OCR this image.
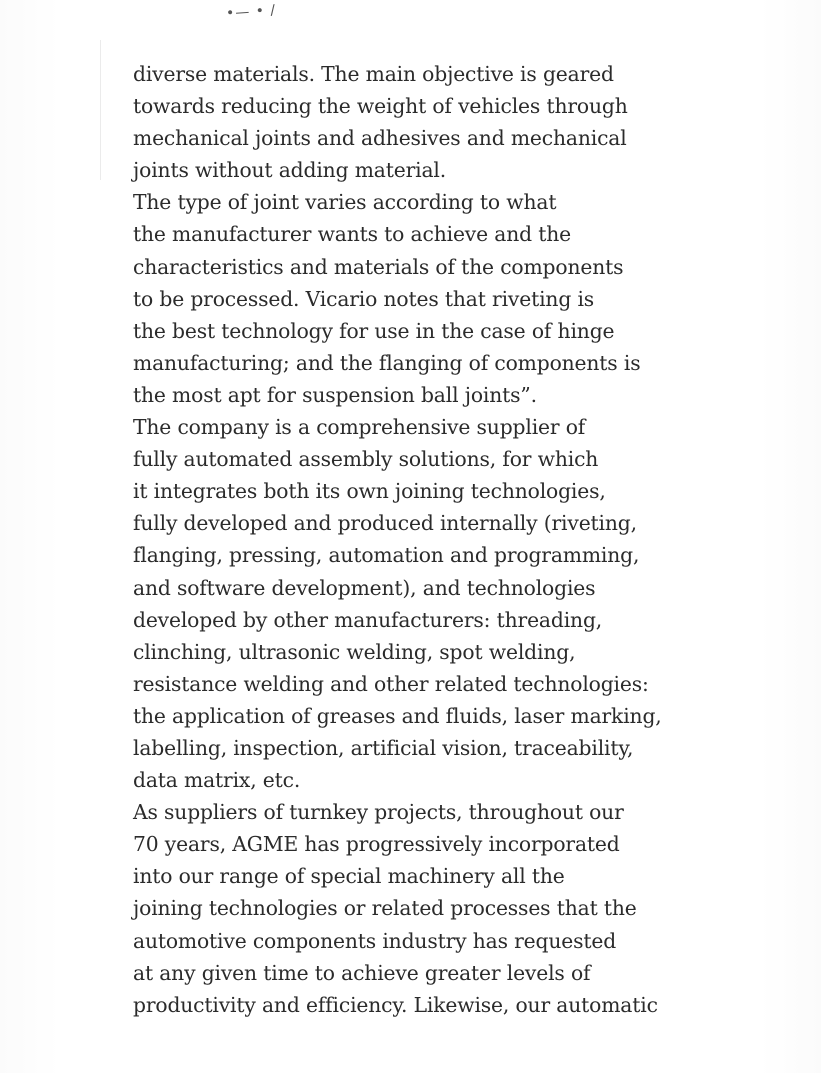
•— • ∕
diverse materials. The main objective is geared
towards reducing the weight of vehicles through
mechanical joints and adhesives and mechanical
joints without adding material.
The type of joint varies according to what
the manufacturer wants to achieve and the
characteristics and materials of the components
to be processed. Vicario notes that riveting is
the best technology for use in the case of hinge
manufacturing; and the flanging of components is
the most apt for suspension ball joints”.
The company is a comprehensive supplier of
fully automated assembly solutions, for which
it integrates both its own joining technologies,
fully developed and produced internally (riveting,
flanging, pressing, automation and programming,
and software development), and technologies
developed by other manufacturers: threading,
clinching, ultrasonic welding, spot welding,
resistance welding and other related technologies:
the application of greases and fluids, laser marking,
labelling, inspection, artificial vision, traceability,
data matrix, etc.
As suppliers of turnkey projects, throughout our
70 years, AGME has progressively incorporated
into our range of special machinery all the
joining technologies or related processes that the
automotive components industry has requested
at any given time to achieve greater levels of
productivity and efficiency. Likewise, our automatic
